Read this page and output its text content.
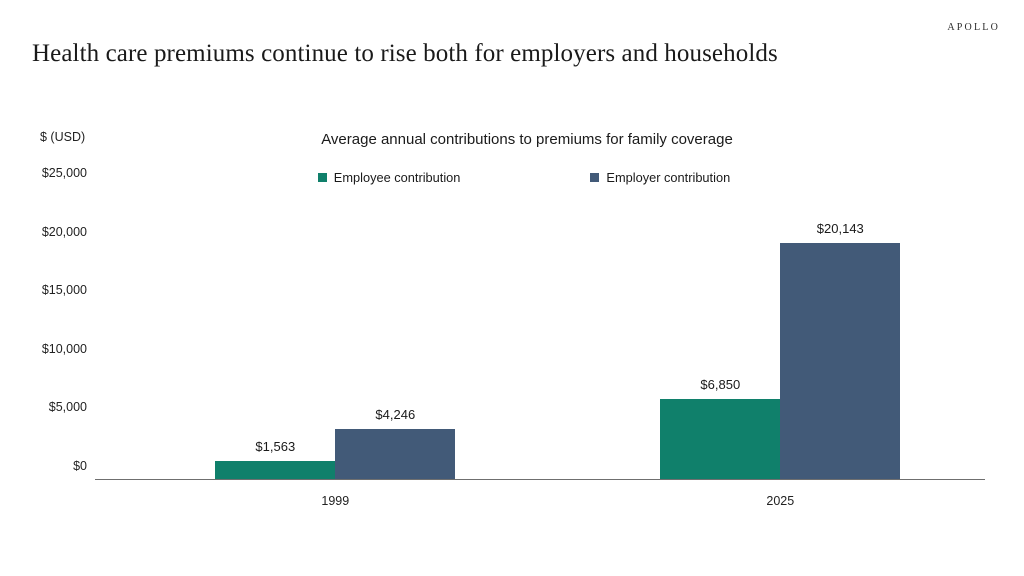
APOLLO
Health care premiums continue to rise both for employers and households
$ (USD)	Average annual contributions to premiums for family coverage
Employee contribution	Employer contribution
$0
$5,000
$10,000
$15,000
$20,000
$25,000
$1,563
$4,246
$6,850
$20,143
1999	2025
